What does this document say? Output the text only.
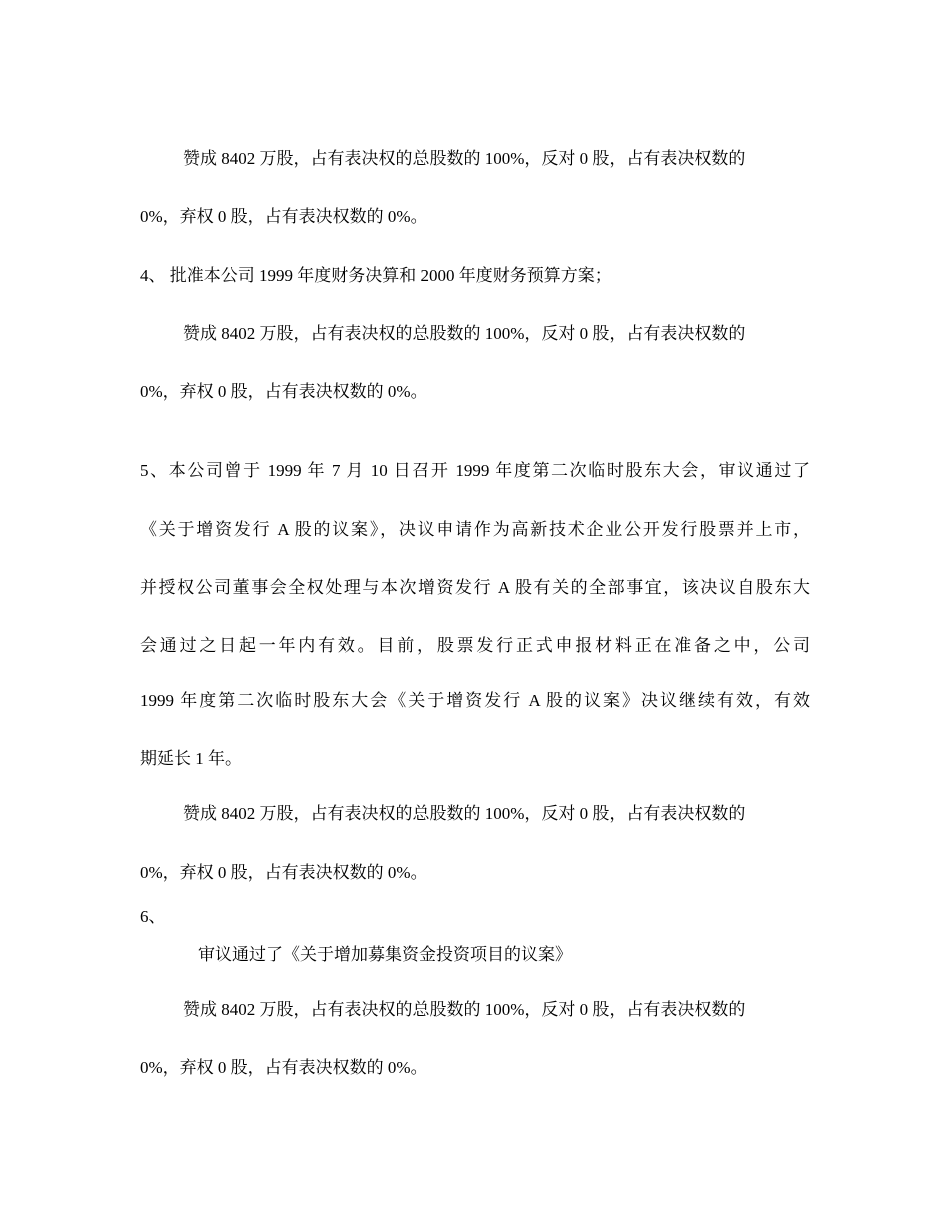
赞成 8402 万股，占有表决权的总股数的 100%，反对 0 股，占有表决权数的
0%，弃权 0 股，占有表决权数的 0%。
4、 批准本公司 1999 年度财务决算和 2000 年度财务预算方案；
赞成 8402 万股，占有表决权的总股数的 100%，反对 0 股，占有表决权数的
0%，弃权 0 股，占有表决权数的 0%。
5、本公司曾于 1999 年 7 月 10 日召开 1999 年度第二次临时股东大会，审议通过了
《关于增资发行 A 股的议案》，决议申请作为高新技术企业公开发行股票并上市，
并授权公司董事会全权处理与本次增资发行 A 股有关的全部事宜，该决议自股东大
会通过之日起一年内有效。目前，股票发行正式申报材料正在准备之中，公司
1999 年度第二次临时股东大会《关于增资发行 A 股的议案》决议继续有效，有效
期延长 1 年。
赞成 8402 万股，占有表决权的总股数的 100%，反对 0 股，占有表决权数的
0%，弃权 0 股，占有表决权数的 0%。
6、
审议通过了《关于增加募集资金投资项目的议案》
赞成 8402 万股，占有表决权的总股数的 100%，反对 0 股，占有表决权数的
0%，弃权 0 股，占有表决权数的 0%。
